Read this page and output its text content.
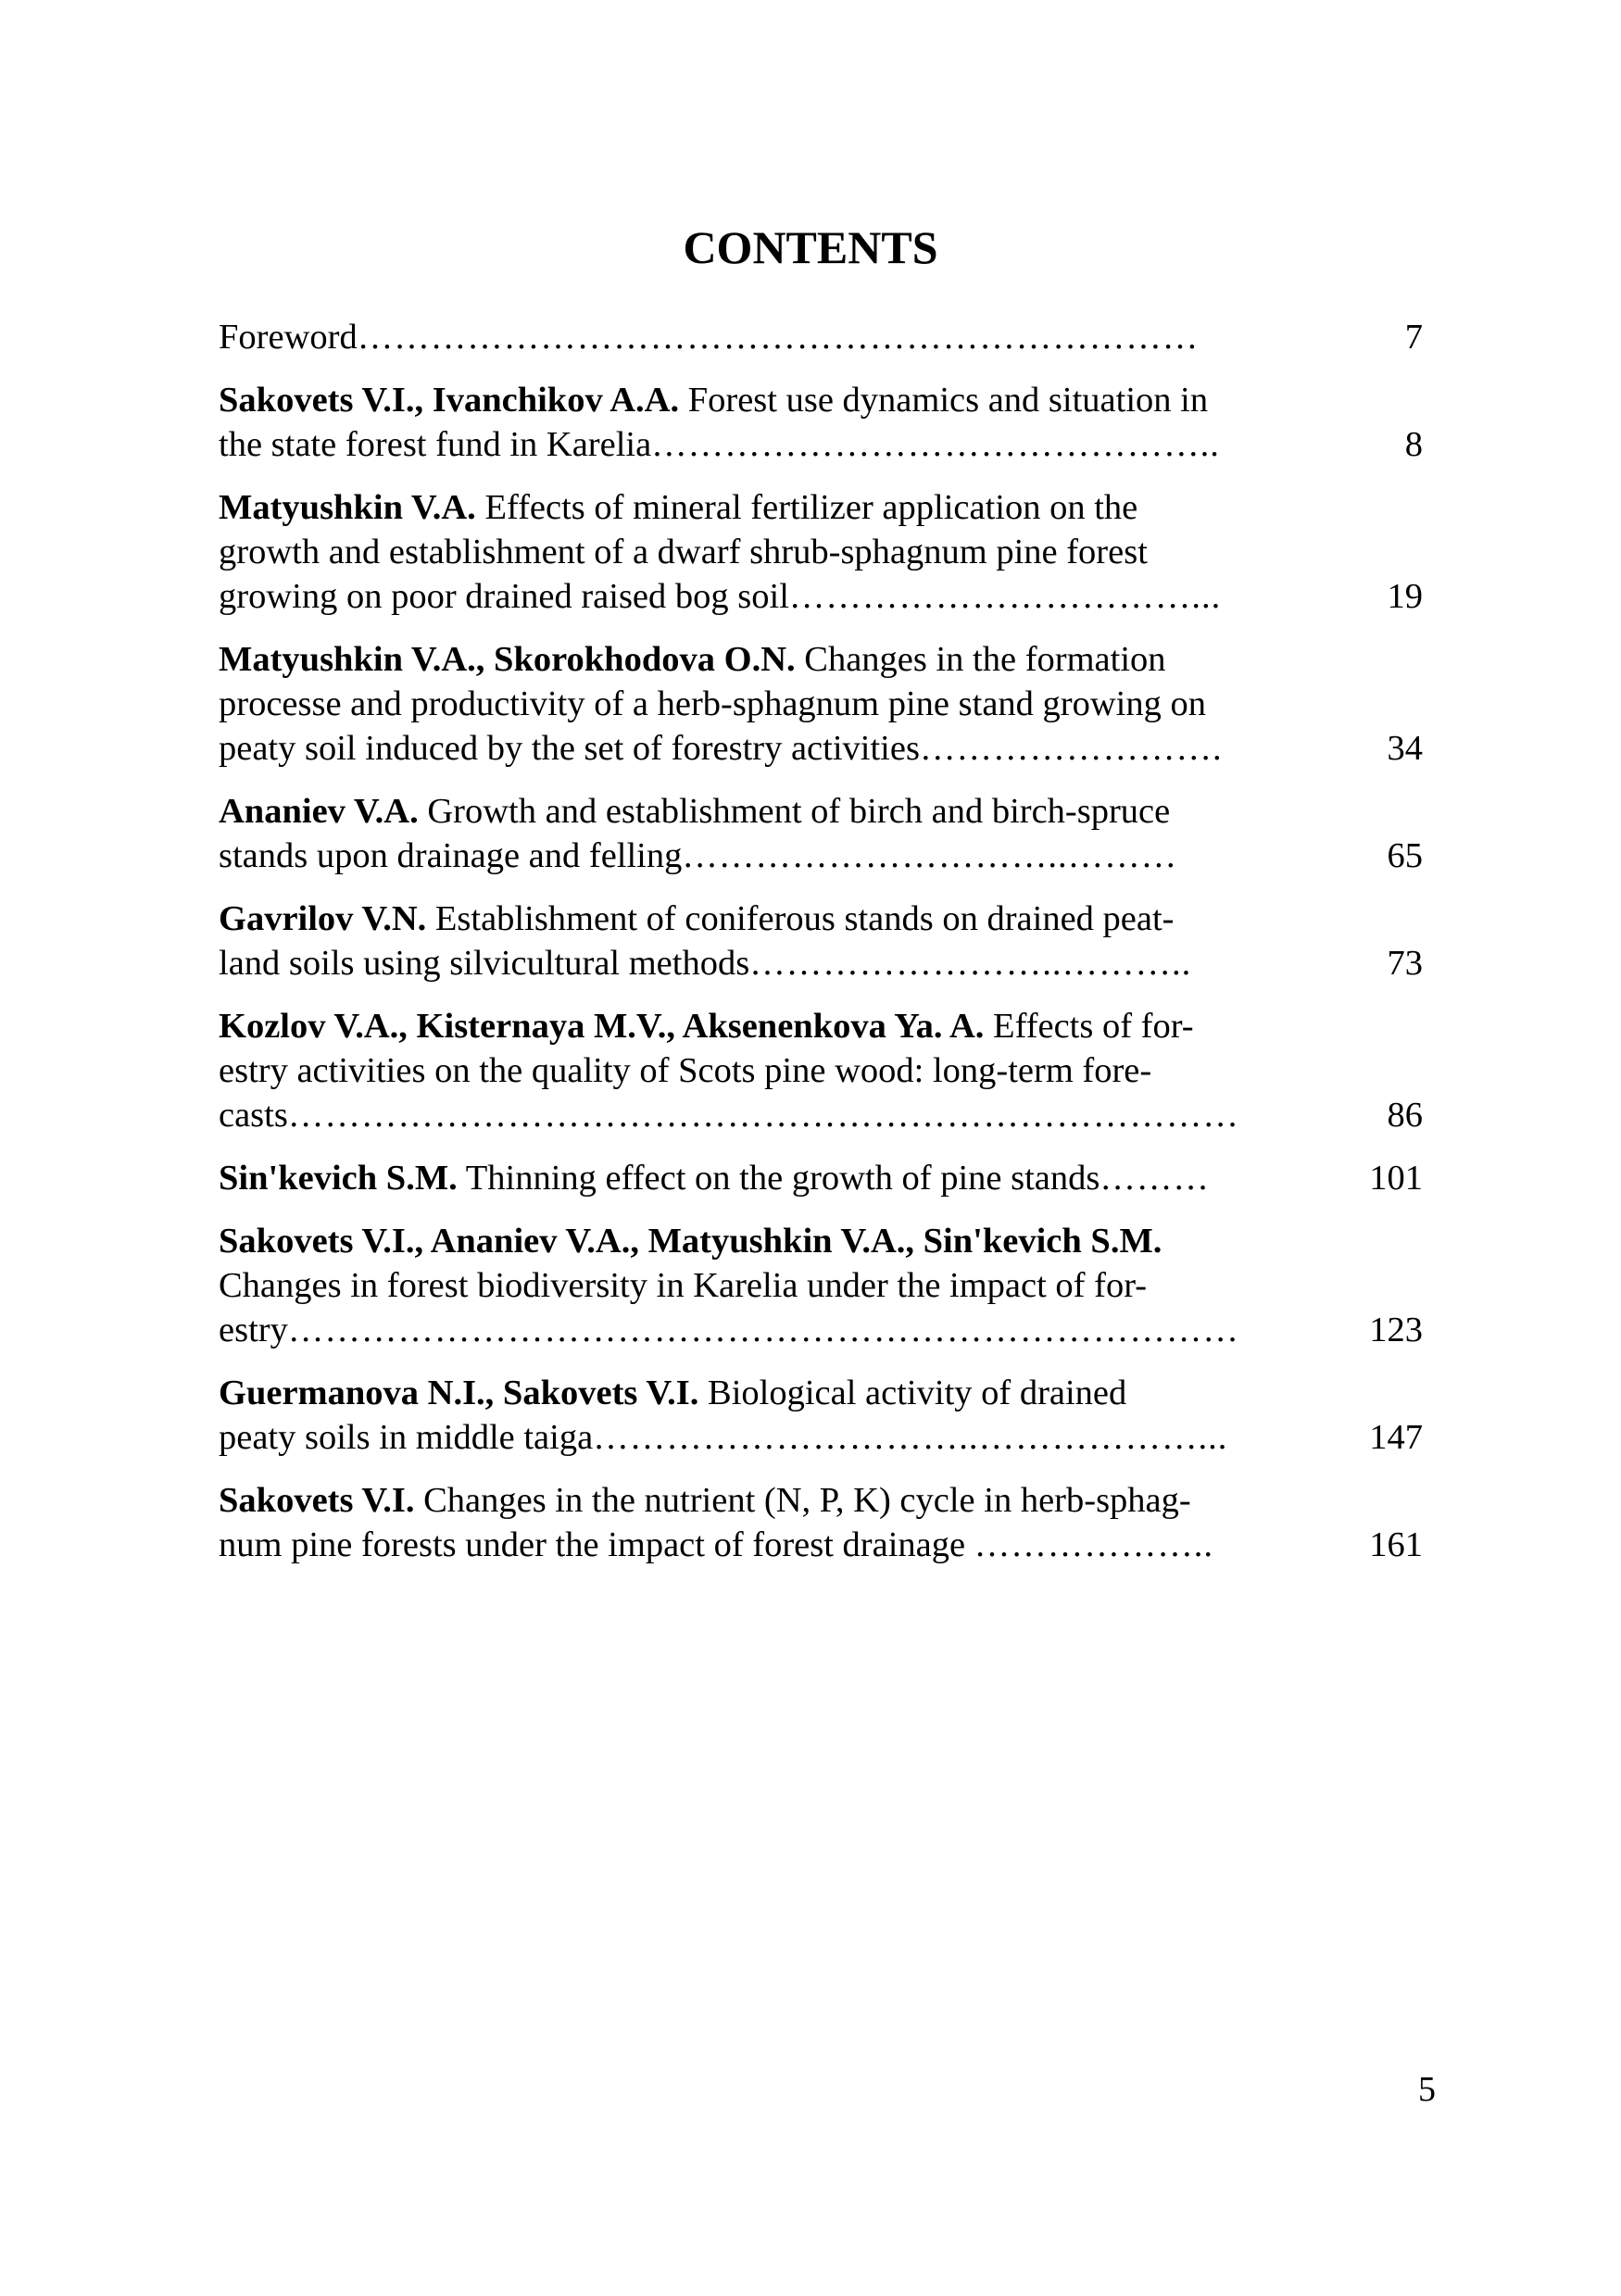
CONTENTS
Foreword……………………………………………………………	7
Sakovets V.I., Ivanchikov A.A. Forest use dynamics and situation in
the state forest fund in Karelia………………………………………..	8
Matyushkin V.A. Effects of mineral fertilizer application on the
growth and establishment of a dwarf shrub-sphagnum pine forest
growing on poor drained raised bog soil……………………………...	19
Matyushkin V.A., Skorokhodova O.N. Changes in the formation
processe and productivity of a herb-sphagnum pine stand growing on
peaty soil induced by the set of forestry activities…………………….	34
Ananiev V.A. Growth and establishment of birch and birch-spruce
stands upon drainage and felling…………………………..………	65
Gavrilov V.N. Establishment of coniferous stands on drained peat-
land soils using silvicultural methods……………………..………..	73
Kozlov V.A., Kisternaya M.V., Aksenenkova Ya. A. Effects of for-
estry activities on the quality of Scots pine wood: long-term fore-
casts……………………………………………………………………	86
Sin'kevich S.M. Thinning effect on the growth of pine stands………	101
Sakovets V.I., Ananiev V.A., Matyushkin V.A., Sin'kevich S.M.
Changes in forest biodiversity in Karelia under the impact of for-
estry……………………………………………………………………	123
Guermanova N.I., Sakovets V.I. Biological activity of drained
peaty soils in middle taiga…………………………..………………...	147
Sakovets V.I. Changes in the nutrient (N, P, K) cycle in herb-sphag-
num pine forests under the impact of forest drainage ………………..	161
5
